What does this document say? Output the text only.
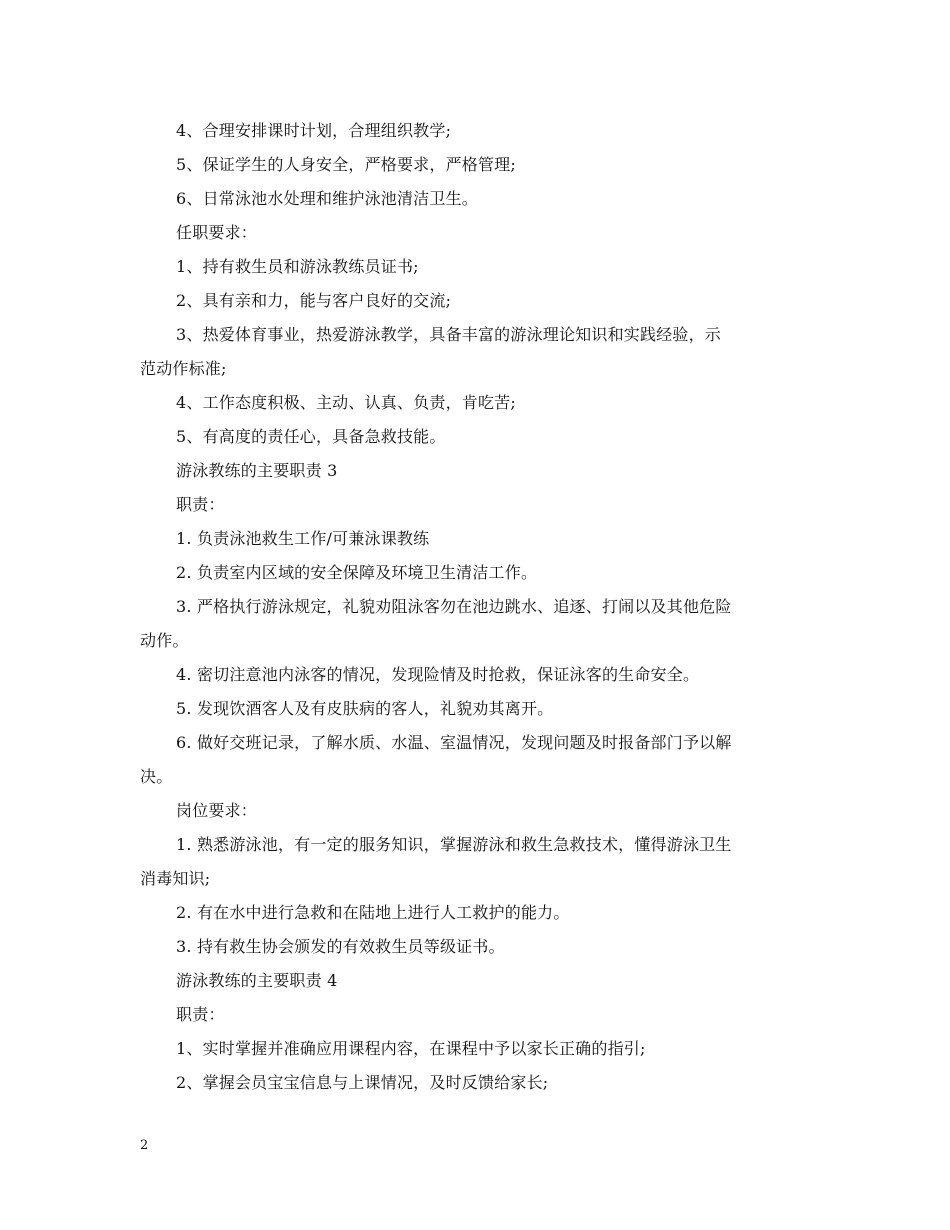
4、合理安排课时计划，合理组织教学;
5、保证学生的人身安全，严格要求，严格管理;
6、日常泳池水处理和维护泳池清洁卫生。
任职要求：
1、持有救生员和游泳教练员证书;
2、具有亲和力，能与客户良好的交流;
3、热爱体育事业，热爱游泳教学，具备丰富的游泳理论知识和实践经验，示
范动作标准;
4、工作态度积极、主动、认真、负责，肯吃苦;
5、有高度的责任心，具备急救技能。
游泳教练的主要职责 3
职责：
1. 负责泳池救生工作/可兼泳课教练
2. 负责室内区域的安全保障及环境卫生清洁工作。
3. 严格执行游泳规定，礼貌劝阻泳客勿在池边跳水、追逐、打闹以及其他危险
动作。
4. 密切注意池内泳客的情况，发现险情及时抢救，保证泳客的生命安全。
5. 发现饮酒客人及有皮肤病的客人，礼貌劝其离开。
6. 做好交班记录，了解水质、水温、室温情况，发现问题及时报备部门予以解
决。
岗位要求：
1. 熟悉游泳池，有一定的服务知识，掌握游泳和救生急救技术，懂得游泳卫生
消毒知识;
2. 有在水中进行急救和在陆地上进行人工救护的能力。
3. 持有救生协会颁发的有效救生员等级证书。
游泳教练的主要职责 4
职责：
1、实时掌握并准确应用课程内容，在课程中予以家长正确的指引;
2、掌握会员宝宝信息与上课情况，及时反馈给家长;
2
